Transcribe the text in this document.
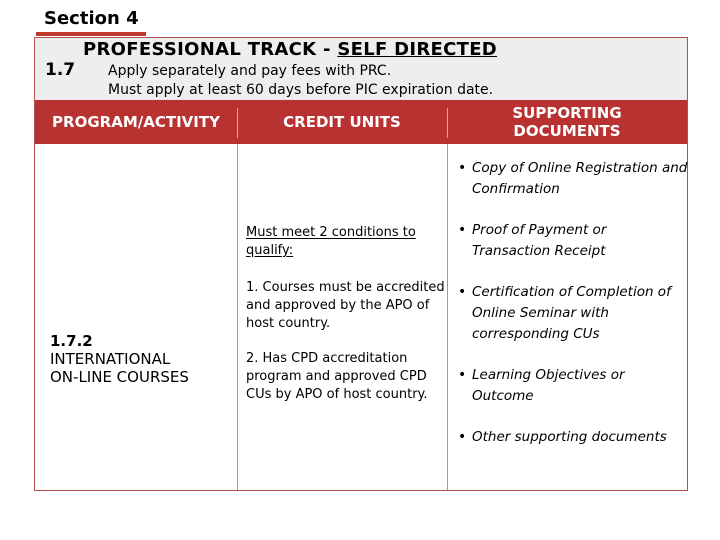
Section 4
1.7
PROFESSIONAL TRACK - SELF DIRECTED
Apply separately and pay fees with PRC.
Must apply at least 60 days before PIC expiration date.
PROGRAM/ACTIVITY	CREDIT UNITS	SUPPORTING
DOCUMENTS
1.7.2
INTERNATIONAL
ON-LINE COURSES
Must meet 2 conditions to qualify:
1. Courses must be accredited and approved by the APO of host country.
2. Has CPD accreditation program and approved CPD CUs by APO of host country.
• Copy of Online Registration and Confirmation
• Proof of Payment or Transaction Receipt
• Certification of Completion of Online Seminar with corresponding CUs
• Learning Objectives or Outcome
• Other supporting documents
